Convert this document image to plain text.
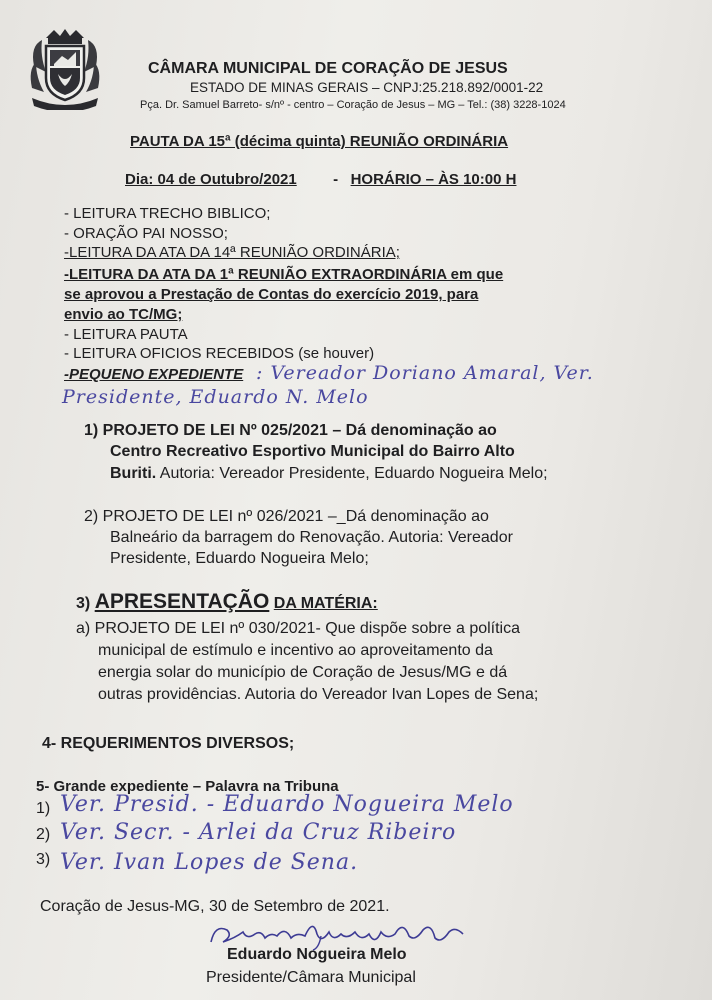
CÂMARA MUNICIPAL DE CORAÇÃO DE JESUS
ESTADO DE MINAS GERAIS – CNPJ:25.218.892/0001-22
Pça. Dr. Samuel Barreto- s/nº - centro – Coração de Jesus – MG – Tel.: (38) 3228-1024
PAUTA DA 15ª (décima quinta) REUNIÃO ORDINÁRIA
Dia: 04 de Outubro/2021 - HORÁRIO – ÀS 10:00 H
- LEITURA TRECHO BIBLICO;
- ORAÇÃO PAI NOSSO;
-LEITURA DA ATA DA 14ª REUNIÃO ORDINÁRIA;
-LEITURA DA ATA DA 1ª REUNIÃO EXTRAORDINÁRIA em que
se aprovou a Prestação de Contas do exercício 2019, para
envio ao TC/MG;
- LEITURA PAUTA
- LEITURA OFICIOS RECEBIDOS (se houver)
-PEQUENO EXPEDIENTE : Vereador Doriano Amaral, Ver.
Presidente, Eduardo N. Melo
1) PROJETO DE LEI Nº 025/2021 – Dá denominação ao
Centro Recreativo Esportivo Municipal do Bairro Alto
Buriti. Autoria: Vereador Presidente, Eduardo Nogueira Melo;
2) PROJETO DE LEI nº 026/2021 –_Dá denominação ao
Balneário da barragem do Renovação. Autoria: Vereador
Presidente, Eduardo Nogueira Melo;
3) APRESENTAÇÃO DA MATÉRIA:
a) PROJETO DE LEI nº 030/2021- Que dispõe sobre a política
municipal de estímulo e incentivo ao aproveitamento da
energia solar do município de Coração de Jesus/MG e dá
outras providências. Autoria do Vereador Ivan Lopes de Sena;
4- REQUERIMENTOS DIVERSOS;
5- Grande expediente – Palavra na Tribuna
1) Ver. Presid. - Eduardo Nogueira Melo
2) Ver. Secr. - Arlei da Cruz Ribeiro
3) Ver. Ivan Lopes de Sena.
Coração de Jesus-MG, 30 de Setembro de 2021.
Eduardo Nogueira Melo
Presidente/Câmara Municipal
